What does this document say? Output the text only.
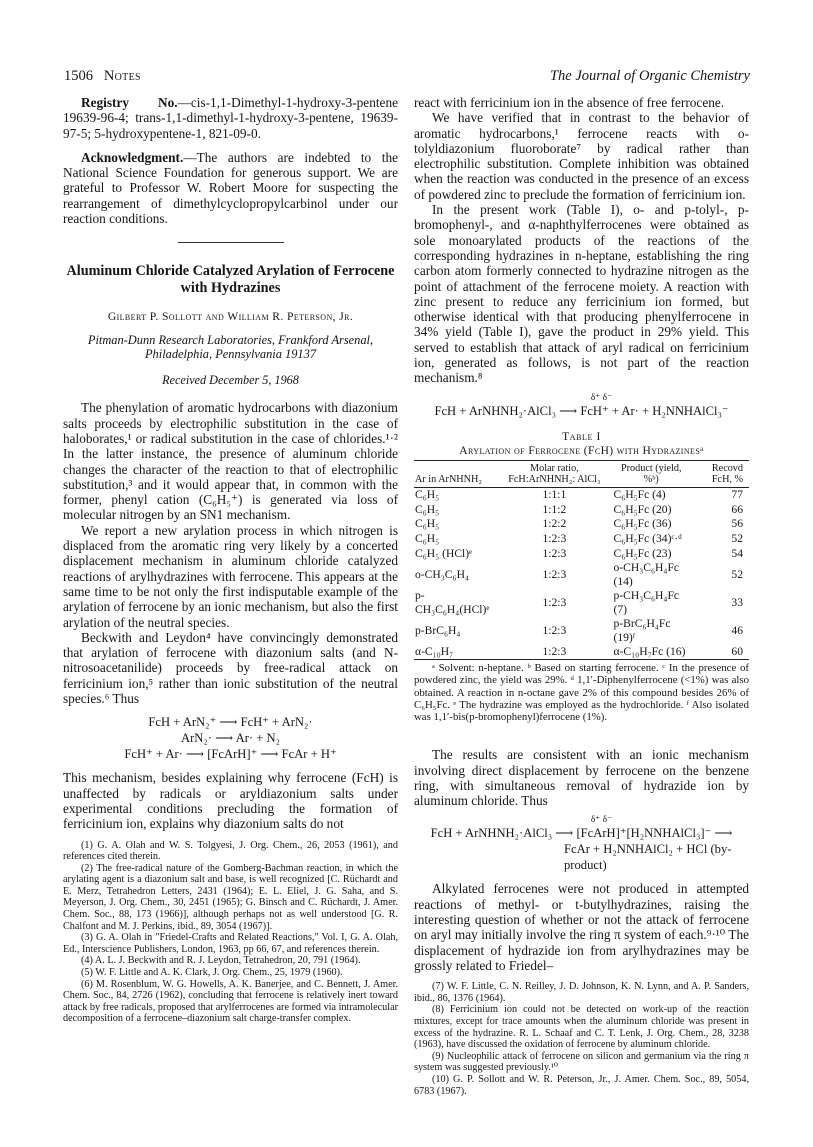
1506 Notes	The Journal of Organic Chemistry

Registry No.—cis-1,1-Dimethyl-1-hydroxy-3-pentene 19639-96-4; trans-1,1-dimethyl-1-hydroxy-3-pentene, 19639-97-5; 5-hydroxypentene-1, 821-09-0.

Acknowledgment.—The authors are indebted to the National Science Foundation for generous support. We are grateful to Professor W. Robert Moore for suspecting the rearrangement of dimethylcyclopropylcarbinol under our reaction conditions.

Aluminum Chloride Catalyzed Arylation of Ferrocene with Hydrazines
Gilbert P. Sollott and William R. Peterson, Jr.
Pitman-Dunn Research Laboratories, Frankford Arsenal,
Philadelphia, Pennsylvania 19137
Received December 5, 1968

The phenylation of aromatic hydrocarbons with diazonium salts proceeds by electrophilic substitution in the case of haloborates,¹ or radical substitution in the case of chlorides.¹·² In the latter instance, the presence of aluminum chloride changes the character of the reaction to that of electrophilic substitution,³ and it would appear that, in common with the former, phenyl cation (C₆H₅⁺) is generated via loss of molecular nitrogen by an SN1 mechanism.

We report a new arylation process in which nitrogen is displaced from the aromatic ring very likely by a concerted displacement mechanism in aluminum chloride catalyzed reactions of arylhydrazines with ferrocene. This appears at the same time to be not only the first indisputable example of the arylation of ferrocene by an ionic mechanism, but also the first arylation of the neutral species.

Beckwith and Leydon⁴ have convincingly demonstrated that arylation of ferrocene with diazonium salts (and N-nitrosoacetanilide) proceeds by free-radical attack on ferricinium ion,⁵ rather than ionic substitution of the neutral species.⁶ Thus

FcH + ArN₂⁺ ⟶ FcH⁺ + ArN₂·
ArN₂· ⟶ Ar· + N₂
FcH⁺ + Ar· ⟶ [FcArH]⁺ ⟶ FcAr + H⁺

This mechanism, besides explaining why ferrocene (FcH) is unaffected by radicals or aryldiazonium salts under experimental conditions precluding the formation of ferricinium ion, explains why diazonium salts do not

(1) G. A. Olah and W. S. Tolgyesi, J. Org. Chem., 26, 2053 (1961), and references cited therein.

(2) The free-radical nature of the Gomberg-Bachman reaction, in which the arylating agent is a diazonium salt and base, is well recognized [C. Rüchardt and E. Merz, Tetrahedron Letters, 2431 (1964); E. L. Eliel, J. G. Saha, and S. Meyerson, J. Org. Chem., 30, 2451 (1965); G. Binsch and C. Rüchardt, J. Amer. Chem. Soc., 88, 173 (1966)], although perhaps not as well understood [G. R. Chalfont and M. J. Perkins, ibid., 89, 3054 (1967)].

(3) G. A. Olah in "Friedel-Crafts and Related Reactions," Vol. I, G. A. Olah, Ed., Interscience Publishers, London, 1963, pp 66, 67, and references therein.

(4) A. L. J. Beckwith and R. J. Leydon, Tetrahedron, 20, 791 (1964).

(5) W. F. Little and A. K. Clark, J. Org. Chem., 25, 1979 (1960).

(6) M. Rosenblum, W. G. Howells, A. K. Banerjee, and C. Bennett, J. Amer. Chem. Soc., 84, 2726 (1962), concluding that ferrocene is relatively inert toward attack by free radicals, proposed that arylferrocenes are formed via intramolecular decomposition of a ferrocene–diazonium salt charge-transfer complex.

react with ferricinium ion in the absence of free ferrocene.

We have verified that in contrast to the behavior of aromatic hydrocarbons,¹ ferrocene reacts with o-tolyldiazonium fluoroborate⁷ by radical rather than electrophilic substitution. Complete inhibition was obtained when the reaction was conducted in the presence of an excess of powdered zinc to preclude the formation of ferricinium ion.

In the present work (Table I), o- and p-tolyl-, p-bromophenyl-, and α-naphthylferrocenes were obtained as sole monoarylated products of the reactions of the corresponding hydrazines in n-heptane, establishing the ring carbon atom formerly connected to hydrazine nitrogen as the point of attachment of the ferrocene moiety. A reaction with zinc present to reduce any ferricinium ion formed, but otherwise identical with that producing phenylferrocene in 34% yield (Table I), gave the product in 29% yield. This served to establish that attack of aryl radical on ferricinium ion, generated as follows, is not part of the reaction mechanism.⁸

δ⁺ δ⁻
FcH + ArNHNH₂·AlCl₃ ⟶ FcH⁺ + Ar· + H₂NNHAlCl₃⁻
Table I
Arylation of Ferrocene (FcH) with Hydrazinesᵃ
Ar in ArNHNH₂	Molar ratio, FcH:ArNHNH₂: AlCl₃	Product (yield, %ᵇ)	Recovd FcH, %
C₆H₅	1:1:1	C₆H₅Fc (4)	77
C₆H₅	1:1:2	C₆H₅Fc (20)	66
C₆H₅	1:2:2	C₆H₅Fc (36)	56
C₆H₅	1:2:3	C₆H₅Fc (34)ᶜ·ᵈ	52
C₆H₅ (HCl)ᵉ	1:2:3	C₆H₅Fc (23)	54
o-CH₃C₆H₄	1:2:3	o-CH₃C₆H₄Fc (14)	52
p-CH₃C₆H₄(HCl)ᵉ	1:2:3	p-CH₃C₆H₄Fc (7)	33
p-BrC₆H₄	1:2:3	p-BrC₆H₄Fc (19)ᶠ	46
α-C₁₀H₇	1:2:3	α-C₁₀H₇Fc (16)	60

ᵃ Solvent: n-heptane. ᵇ Based on starting ferrocene. ᶜ In the presence of powdered zinc, the yield was 29%. ᵈ 1,1′-Diphenylferrocene (<1%) was also obtained. A reaction in n-octane gave 2% of this compound besides 26% of C₆H₅Fc. ᵉ The hydrazine was employed as the hydrochloride. ᶠ Also isolated was 1,1′-bis(p-bromophenyl)ferrocene (1%).

The results are consistent with an ionic mechanism involving direct displacement by ferrocene on the benzene ring, with simultaneous removal of hydrazide ion by aluminum chloride. Thus

δ⁺ δ⁻
FcH + ArNHNH₂·AlCl₃ ⟶ [FcArH]⁺[H₂NNHAlCl₃]⁻ ⟶
FcAr + H₂NNHAlCl₂ + HCl (by-product)

Alkylated ferrocenes were not produced in attempted reactions of methyl- or t-butylhydrazines, raising the interesting question of whether or not the attack of ferrocene on aryl may initially involve the ring π system of each.⁹·¹⁰ The displacement of hydrazide ion from arylhydrazines may be grossly related to Friedel–

(7) W. F. Little, C. N. Reilley, J. D. Johnson, K. N. Lynn, and A. P. Sanders, ibid., 86, 1376 (1964).

(8) Ferricinium ion could not be detected on work-up of the reaction mixtures, except for trace amounts when the aluminum chloride was present in excess of the hydrazine. R. L. Schaaf and C. T. Lenk, J. Org. Chem., 28, 3238 (1963), have discussed the oxidation of ferrocene by aluminum chloride.

(9) Nucleophilic attack of ferrocene on silicon and germanium via the ring π system was suggested previously.¹⁰

(10) G. P. Sollott and W. R. Peterson, Jr., J. Amer. Chem. Soc., 89, 5054, 6783 (1967).
